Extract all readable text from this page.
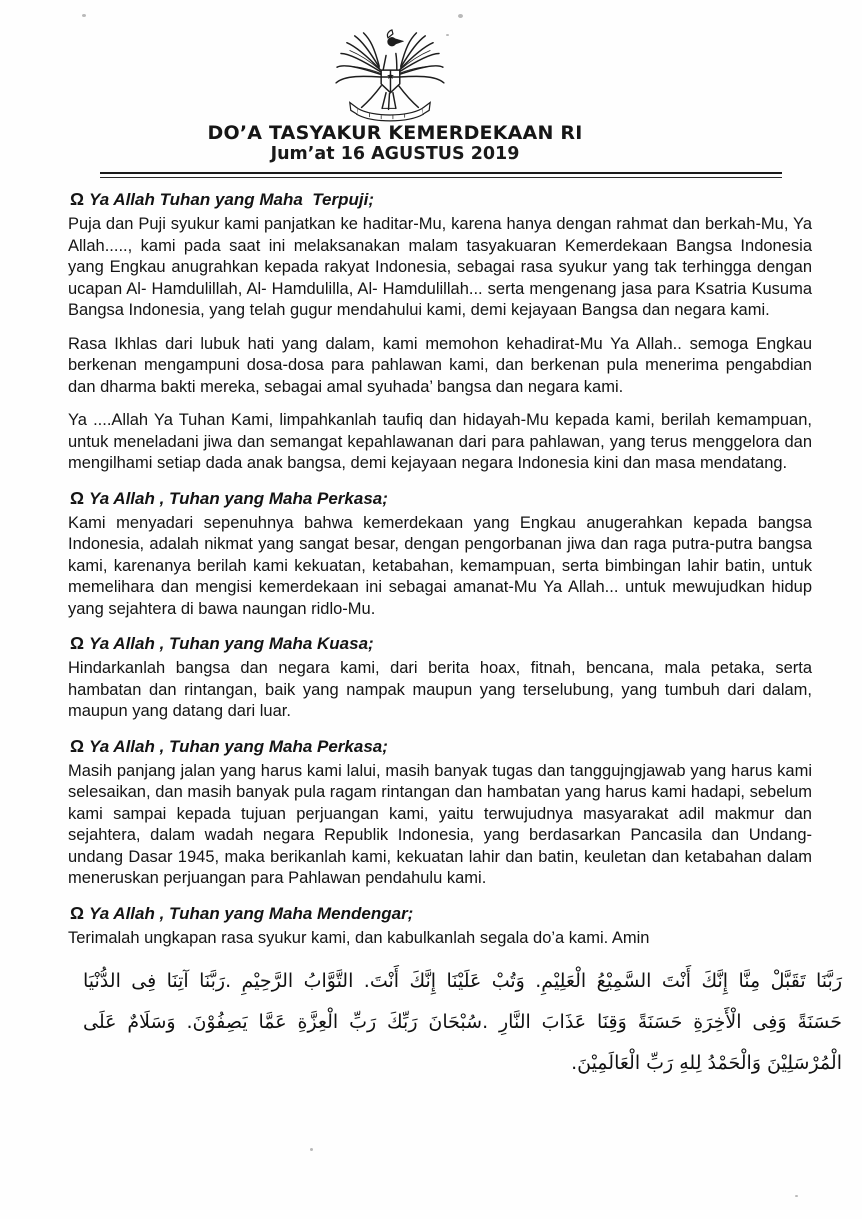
DO’A TASYAKUR KEMERDEKAAN RI
Jum’at 16 AGUSTUS 2019
Ω Ya Allah Tuhan yang Maha  Terpuji;

Puja dan Puji syukur kami panjatkan ke haditar-Mu, karena hanya dengan rahmat dan berkah-Mu, Ya Allah....., kami pada saat ini melaksanakan malam tasyakuaran Kemerdekaan Bangsa Indonesia yang Engkau anugrahkan kepada rakyat Indonesia, sebagai rasa syukur yang tak terhingga dengan ucapan Al- Hamdulillah, Al- Hamdulilla, Al- Hamdulillah... serta mengenang jasa para Ksatria Kusuma Bangsa Indonesia, yang telah gugur mendahului kami, demi kejayaan Bangsa dan negara kami.

Rasa Ikhlas dari lubuk hati yang dalam, kami memohon kehadirat-Mu Ya Allah.. semoga Engkau berkenan mengampuni dosa-dosa para pahlawan kami, dan berkenan pula menerima pengabdian dan dharma bakti mereka, sebagai amal syuhada’ bangsa dan negara kami.

Ya ....Allah Ya Tuhan Kami, limpahkanlah taufiq dan hidayah-Mu kepada kami, berilah kemampuan, untuk meneladani jiwa dan semangat kepahlawanan dari para pahlawan, yang terus menggelora dan mengilhami setiap dada anak bangsa, demi kejayaan negara Indonesia kini dan masa mendatang.

Ω Ya Allah , Tuhan yang Maha Perkasa;

Kami menyadari sepenuhnya bahwa kemerdekaan yang Engkau anugerahkan kepada bangsa Indonesia, adalah nikmat yang sangat besar, dengan pengorbanan jiwa dan raga putra-putra bangsa kami, karenanya berilah kami kekuatan, ketabahan, kemampuan, serta bimbingan lahir batin, untuk memelihara dan mengisi kemerdekaan ini sebagai amanat-Mu Ya Allah... untuk mewujudkan hidup yang sejahtera di bawa naungan ridlo-Mu.

Ω Ya Allah , Tuhan yang Maha Kuasa;

Hindarkanlah bangsa dan negara kami, dari berita hoax, fitnah, bencana, mala petaka, serta hambatan dan rintangan, baik yang nampak maupun yang terselubung, yang tumbuh dari dalam, maupun yang datang dari luar.

Ω Ya Allah , Tuhan yang Maha Perkasa;

Masih panjang jalan yang harus kami lalui, masih banyak tugas dan tanggujngjawab yang harus kami selesaikan, dan masih banyak pula ragam rintangan dan hambatan yang harus kami hadapi, sebelum kami sampai kepada tujuan perjuangan kami, yaitu terwujudnya masyarakat adil makmur dan sejahtera, dalam wadah negara Republik Indonesia, yang berdasarkan Pancasila dan Undang-undang Dasar 1945, maka berikanlah kami, kekuatan lahir dan batin, keuletan dan ketabahan dalam meneruskan perjuangan para Pahlawan pendahulu kami.

Ω Ya Allah , Tuhan yang Maha Mendengar;

Terimalah ungkapan rasa syukur kami, dan kabulkanlah segala do’a kami. Amin

رَبَّنَا تَقَبَّلْ مِنَّا إِنَّكَ أَنْتَ السَّمِيْعُ الْعَلِيْمِ. وَتُبْ عَلَيْنَا إِنَّكَ أَنْتَ. التَّوَّابُ الرَّحِيْمِ .رَبَّنَا آتِنَا فِى الدُّنْيَا
حَسَنَةً وَفِى الْأَخِرَةِ حَسَنَةً وَقِنَا عَذَابَ النَّارِ .سُبْحَانَ رَبِّكَ رَبِّ الْعِزَّةِ عَمَّا يَصِفُوْنَ. وَسَلَامٌ عَلَى
الْمُرْسَلِيْنَ وَالْحَمْدُ لِلهِ رَبِّ الْعَالَمِيْنَ.
